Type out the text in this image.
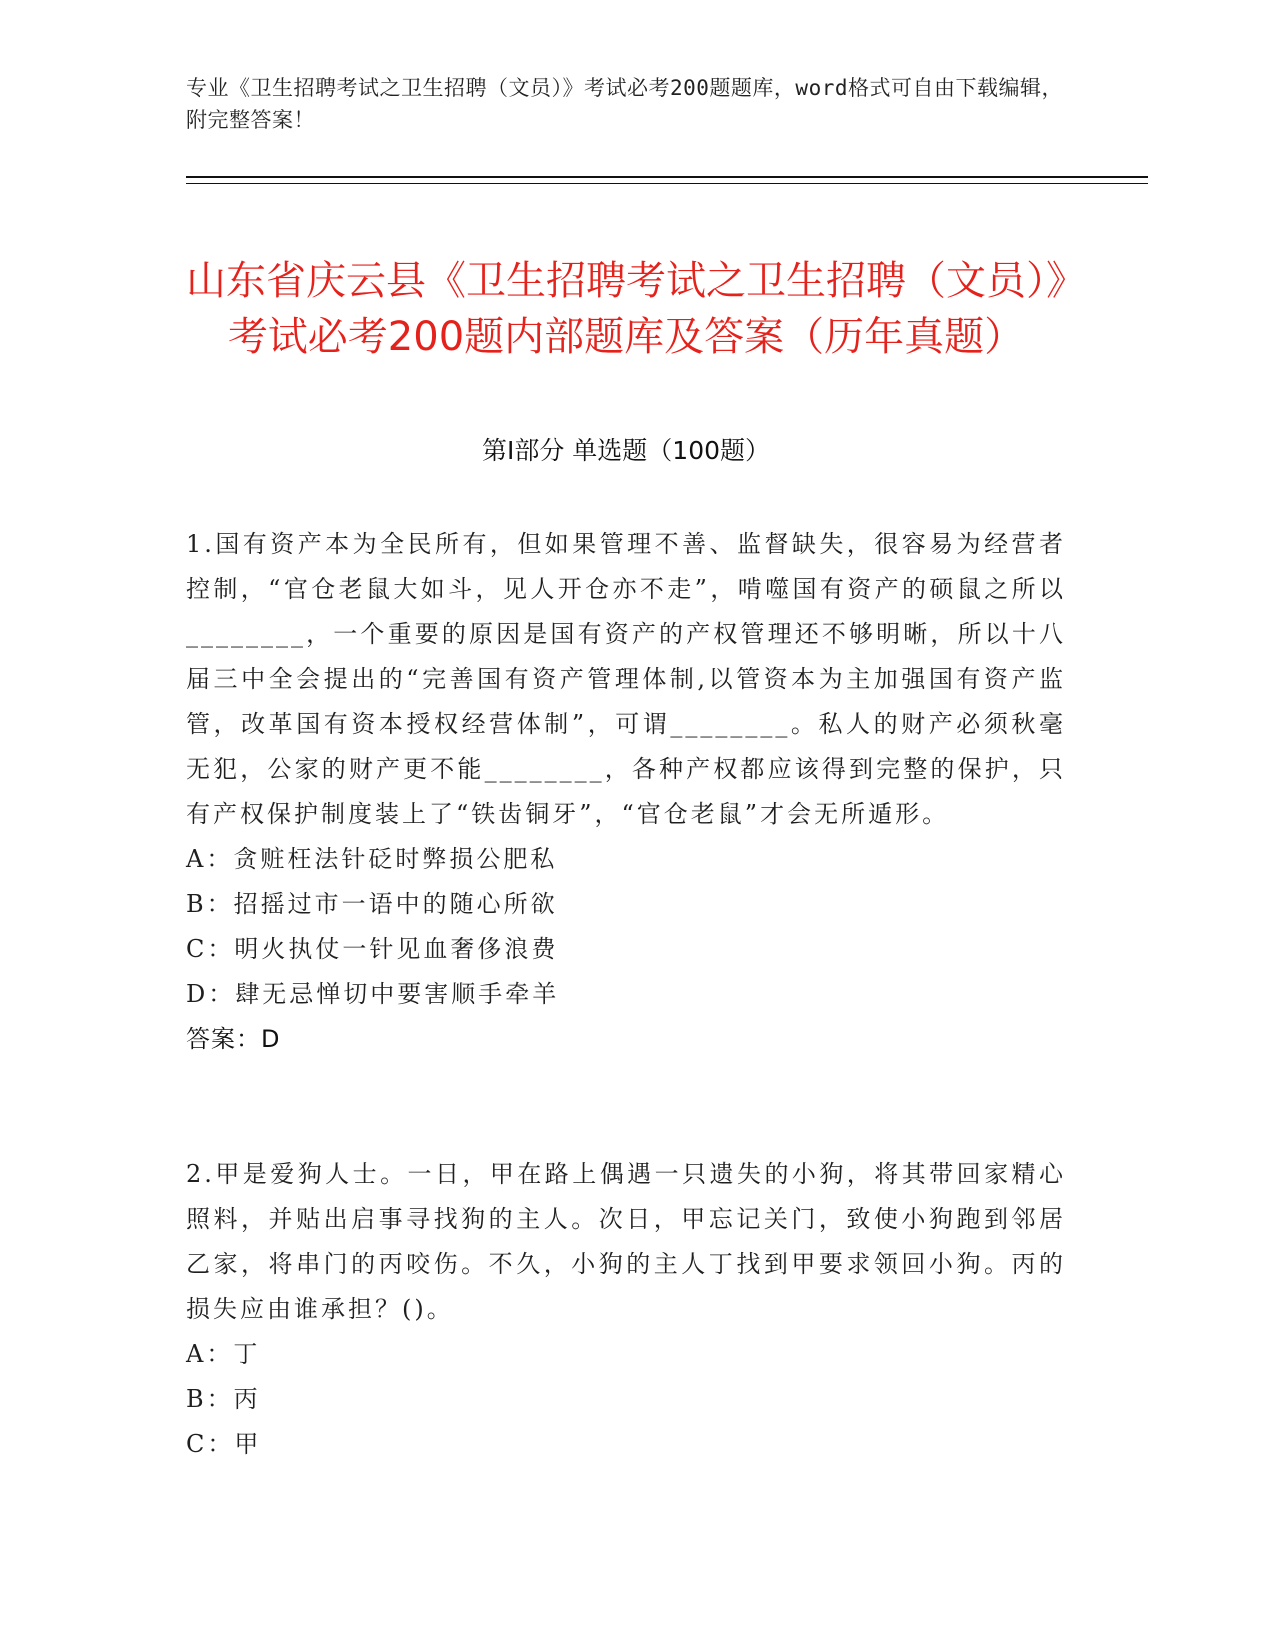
专业《卫生招聘考试之卫生招聘（文员）》考试必考200题题库，word格式可自由下载编辑，附完整答案！
山东省庆云县《卫生招聘考试之卫生招聘（文员）》考试必考200题内部题库及答案（历年真题）
第Ⅰ部分 单选题（100题）

1.国有资产本为全民所有，但如果管理不善、监督缺失，很容易为经营者控制，“官仓老鼠大如斗，见人开仓亦不走”，啃噬国有资产的硕鼠之所以________，一个重要的原因是国有资产的产权管理还不够明晰，所以十八届三中全会提出的“完善国有资产管理体制,以管资本为主加强国有资产监管，改革国有资本授权经营体制”，可谓________。私人的财产必须秋毫无犯，公家的财产更不能________，各种产权都应该得到完整的保护，只有产权保护制度装上了“铁齿铜牙”，“官仓老鼠”才会无所遁形。

A：贪赃枉法针砭时弊损公肥私

B：招摇过市一语中的随心所欲

C：明火执仗一针见血奢侈浪费

D：肆无忌惮切中要害顺手牵羊

答案：D

2.甲是爱狗人士。一日，甲在路上偶遇一只遗失的小狗，将其带回家精心照料，并贴出启事寻找狗的主人。次日，甲忘记关门，致使小狗跑到邻居乙家，将串门的丙咬伤。不久，小狗的主人丁找到甲要求领回小狗。丙的损失应由谁承担？()。

A：丁

B：丙

C：甲
